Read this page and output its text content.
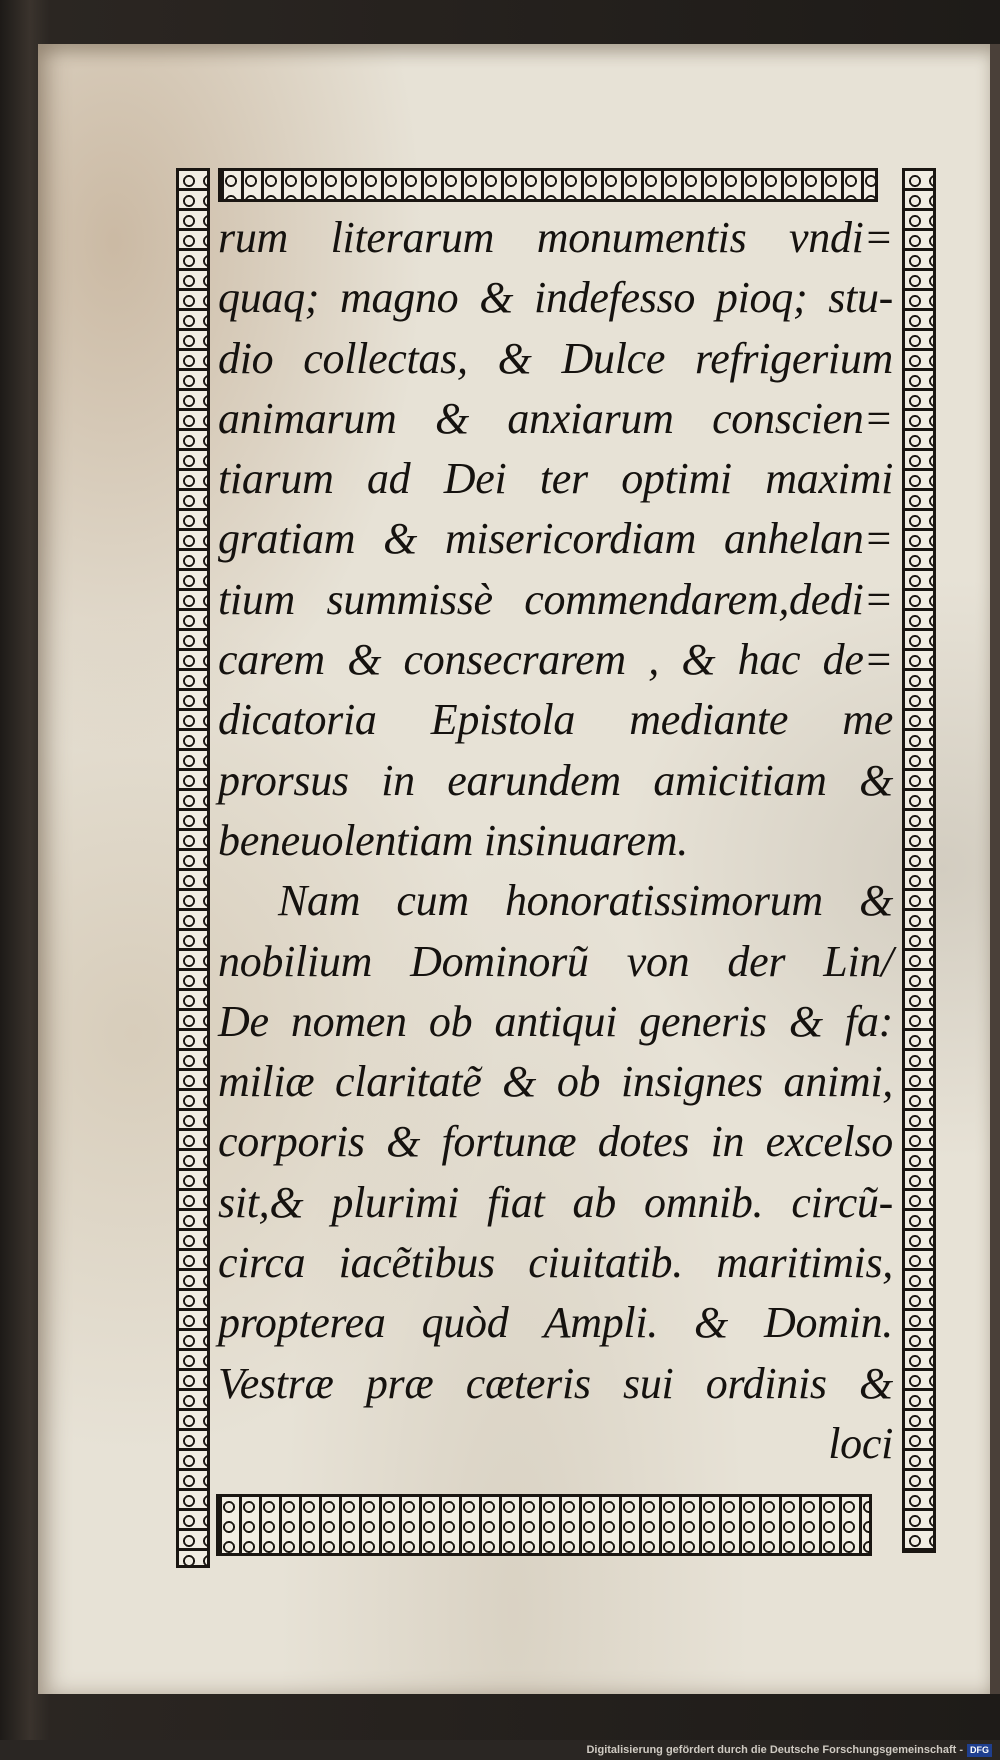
rum literarum monumentis vndi=
quaq; magno & indefesso pioq; stu-
dio collectas, & Dulce refrigerium
animarum & anxiarum conscien=
tiarum ad Dei ter optimi maximi
gratiam & misericordiam anhelan=
tium summissè commendarem,dedi=
carem & consecrarem , & hac de=
dicatoria Epistola mediante me
prorsus in earundem amicitiam &
beneuolentiam insinuarem.
Nam cum honoratissimorum &
nobilium Dominorũ von der Lin/
De nomen ob antiqui generis & fa:
miliæ claritatẽ & ob insignes animi,
corporis & fortunæ dotes in excelso
sit,& plurimi fiat ab omnib. circũ-
circa iacẽtibus ciuitatib. maritimis,
propterea quòd Ampli. & Domin.
Vestræ præ cæteris sui ordinis &
loci
Digitalisierung gefördert durch die Deutsche Forschungsgemeinschaft - DFG
